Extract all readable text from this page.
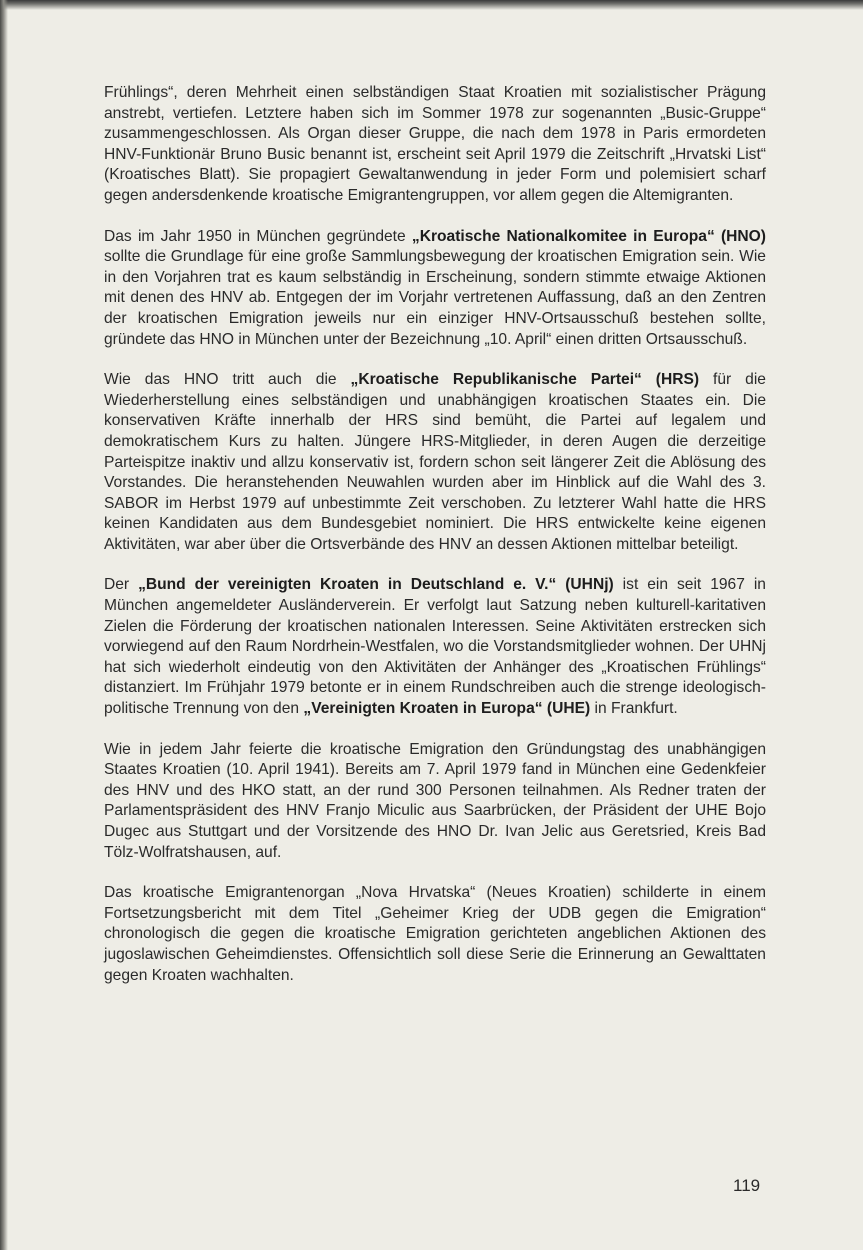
Frühlings“, deren Mehrheit einen selbständigen Staat Kroatien mit sozialistischer Prägung anstrebt, vertiefen. Letztere haben sich im Sommer 1978 zur sogenannten „Busic-Gruppe“ zusammengeschlossen. Als Organ dieser Gruppe, die nach dem 1978 in Paris ermordeten HNV-Funktionär Bruno Busic benannt ist, erscheint seit April 1979 die Zeitschrift „Hrvatski List“ (Kroatisches Blatt). Sie propagiert Gewaltanwendung in jeder Form und polemisiert scharf gegen andersdenkende kroatische Emigrantengruppen, vor allem gegen die Altemigranten.

Das im Jahr 1950 in München gegründete „Kroatische Nationalkomitee in Europa“ (HNO) sollte die Grundlage für eine große Sammlungsbewegung der kroatischen Emigration sein. Wie in den Vorjahren trat es kaum selbständig in Erscheinung, sondern stimmte etwaige Aktionen mit denen des HNV ab. Entgegen der im Vorjahr vertretenen Auffassung, daß an den Zentren der kroatischen Emigration jeweils nur ein einziger HNV-Ortsausschuß bestehen sollte, gründete das HNO in München unter der Bezeichnung „10. April“ einen dritten Ortsausschuß.

Wie das HNO tritt auch die „Kroatische Republikanische Partei“ (HRS) für die Wiederherstellung eines selbständigen und unabhängigen kroatischen Staates ein. Die konservativen Kräfte innerhalb der HRS sind bemüht, die Partei auf legalem und demokratischem Kurs zu halten. Jüngere HRS-Mitglieder, in deren Augen die derzeitige Parteispitze inaktiv und allzu konservativ ist, fordern schon seit längerer Zeit die Ablösung des Vorstandes. Die heranstehenden Neuwahlen wurden aber im Hinblick auf die Wahl des 3. SABOR im Herbst 1979 auf unbestimmte Zeit verschoben. Zu letzterer Wahl hatte die HRS keinen Kandidaten aus dem Bundesgebiet nominiert. Die HRS entwickelte keine eigenen Aktivitäten, war aber über die Ortsverbände des HNV an dessen Aktionen mittelbar beteiligt.

Der „Bund der vereinigten Kroaten in Deutschland e. V.“ (UHNj) ist ein seit 1967 in München angemeldeter Ausländerverein. Er verfolgt laut Satzung neben kulturell-karitativen Zielen die Förderung der kroatischen nationalen Interessen. Seine Aktivitäten erstrecken sich vorwiegend auf den Raum Nordrhein-Westfalen, wo die Vorstandsmitglieder wohnen. Der UHNj hat sich wiederholt eindeutig von den Aktivitäten der Anhänger des „Kroatischen Frühlings“ distanziert. Im Frühjahr 1979 betonte er in einem Rundschreiben auch die strenge ideologisch-politische Trennung von den „Vereinigten Kroaten in Europa“ (UHE) in Frankfurt.

Wie in jedem Jahr feierte die kroatische Emigration den Gründungstag des unabhängigen Staates Kroatien (10. April 1941). Bereits am 7. April 1979 fand in München eine Gedenkfeier des HNV und des HKO statt, an der rund 300 Personen teilnahmen. Als Redner traten der Parlamentspräsident des HNV Franjo Miculic aus Saarbrücken, der Präsident der UHE Bojo Dugec aus Stuttgart und der Vorsitzende des HNO Dr. Ivan Jelic aus Geretsried, Kreis Bad Tölz-Wolfratshausen, auf.

Das kroatische Emigrantenorgan „Nova Hrvatska“ (Neues Kroatien) schilderte in einem Fortsetzungsbericht mit dem Titel „Geheimer Krieg der UDB gegen die Emigration“ chronologisch die gegen die kroatische Emigration gerichteten angeblichen Aktionen des jugoslawischen Geheimdienstes. Offensichtlich soll diese Serie die Erinnerung an Gewalttaten gegen Kroaten wachhalten.

119
